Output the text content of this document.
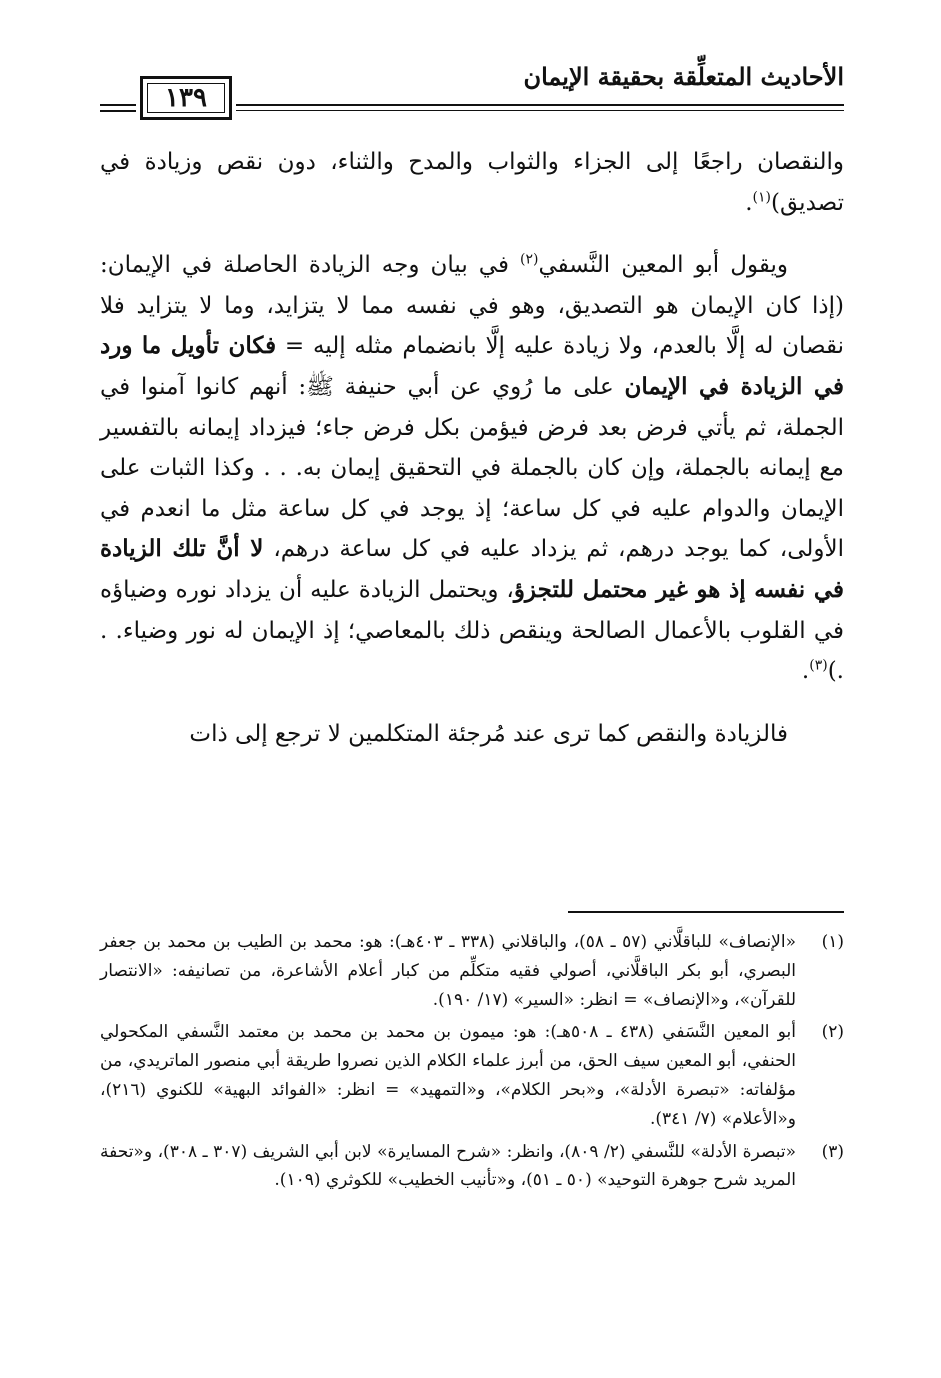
الأحاديث المتعلِّقة بحقيقة الإيمان
١٣٩

والنقصان راجعًا إلى الجزاء والثواب والمدح والثناء، دون نقص وزيادة في تصديق)$^{(١)}$.

ويقول أبو المعين النَّسفي$^{(٢)}$ في بيان وجه الزيادة الحاصلة في الإيمان: (إذا كان الإيمان هو التصديق، وهو في نفسه مما لا يتزايد، وما لا يتزايد فلا نقصان له إلَّا بالعدم، ولا زيادة عليه إلَّا بانضمام مثله إليه = فكان تأويل ما ورد في الزيادة في الإيمان على ما رُوي عن أبي حنيفة ﷺ: أنهم كانوا آمنوا في الجملة، ثم يأتي فرض بعد فرض فيؤمن بكل فرض جاء؛ فيزداد إيمانه بالتفسير مع إيمانه بالجملة، وإن كان بالجملة في التحقيق إيمان به. . . وكذا الثبات على الإيمان والدوام عليه في كل ساعة؛ إذ يوجد في كل ساعة مثل ما انعدم في الأولى، كما يوجد درهم، ثم يزداد عليه في كل ساعة درهم، لا أنَّ تلك الزيادة في نفسه إذ هو غير محتمل للتجزؤ، ويحتمل الزيادة عليه أن يزداد نوره وضياؤه في القلوب بالأعمال الصالحة وينقص ذلك بالمعاصي؛ إذ الإيمان له نور وضياء. . .)$^{(٣)}$.

فالزيادة والنقص كما ترى عند مُرجئة المتكلمين لا ترجع إلى ذات

(١)
«الإنصاف» للباقلَّاني (٥٧ ـ ٥٨)، والباقلاني (٣٣٨ ـ ٤٠٣هـ): هو: محمد بن الطيب بن محمد بن جعفر البصري، أبو بكر الباقلَّاني، أصولي فقيه متكلِّم من كبار أعلام الأشاعرة، من تصانيفه: «الانتصار للقرآن»، و«الإنصاف» = انظر: «السير» (١٧/ ١٩٠).
(٢)
أبو المعين النَّسَفي (٤٣٨ ـ ٥٠٨هـ): هو: ميمون بن محمد بن محمد بن معتمد النَّسفي المكحولي الحنفي، أبو المعين سيف الحق، من أبرز علماء الكلام الذين نصروا طريقة أبي منصور الماتريدي، من مؤلفاته: «تبصرة الأدلة»، و«بحر الكلام»، و«التمهيد» = انظر: «الفوائد البهية» للكنوي (٢١٦)، و«الأعلام» (٧/ ٣٤١).
(٣)
«تبصرة الأدلة» للنَّسفي (٢/ ٨٠٩)، وانظر: «شرح المسايرة» لابن أبي الشريف (٣٠٧ ـ ٣٠٨)، و«تحفة المريد شرح جوهرة التوحيد» (٥٠ ـ ٥١)، و«تأنيب الخطيب» للكوثري (١٠٩).
